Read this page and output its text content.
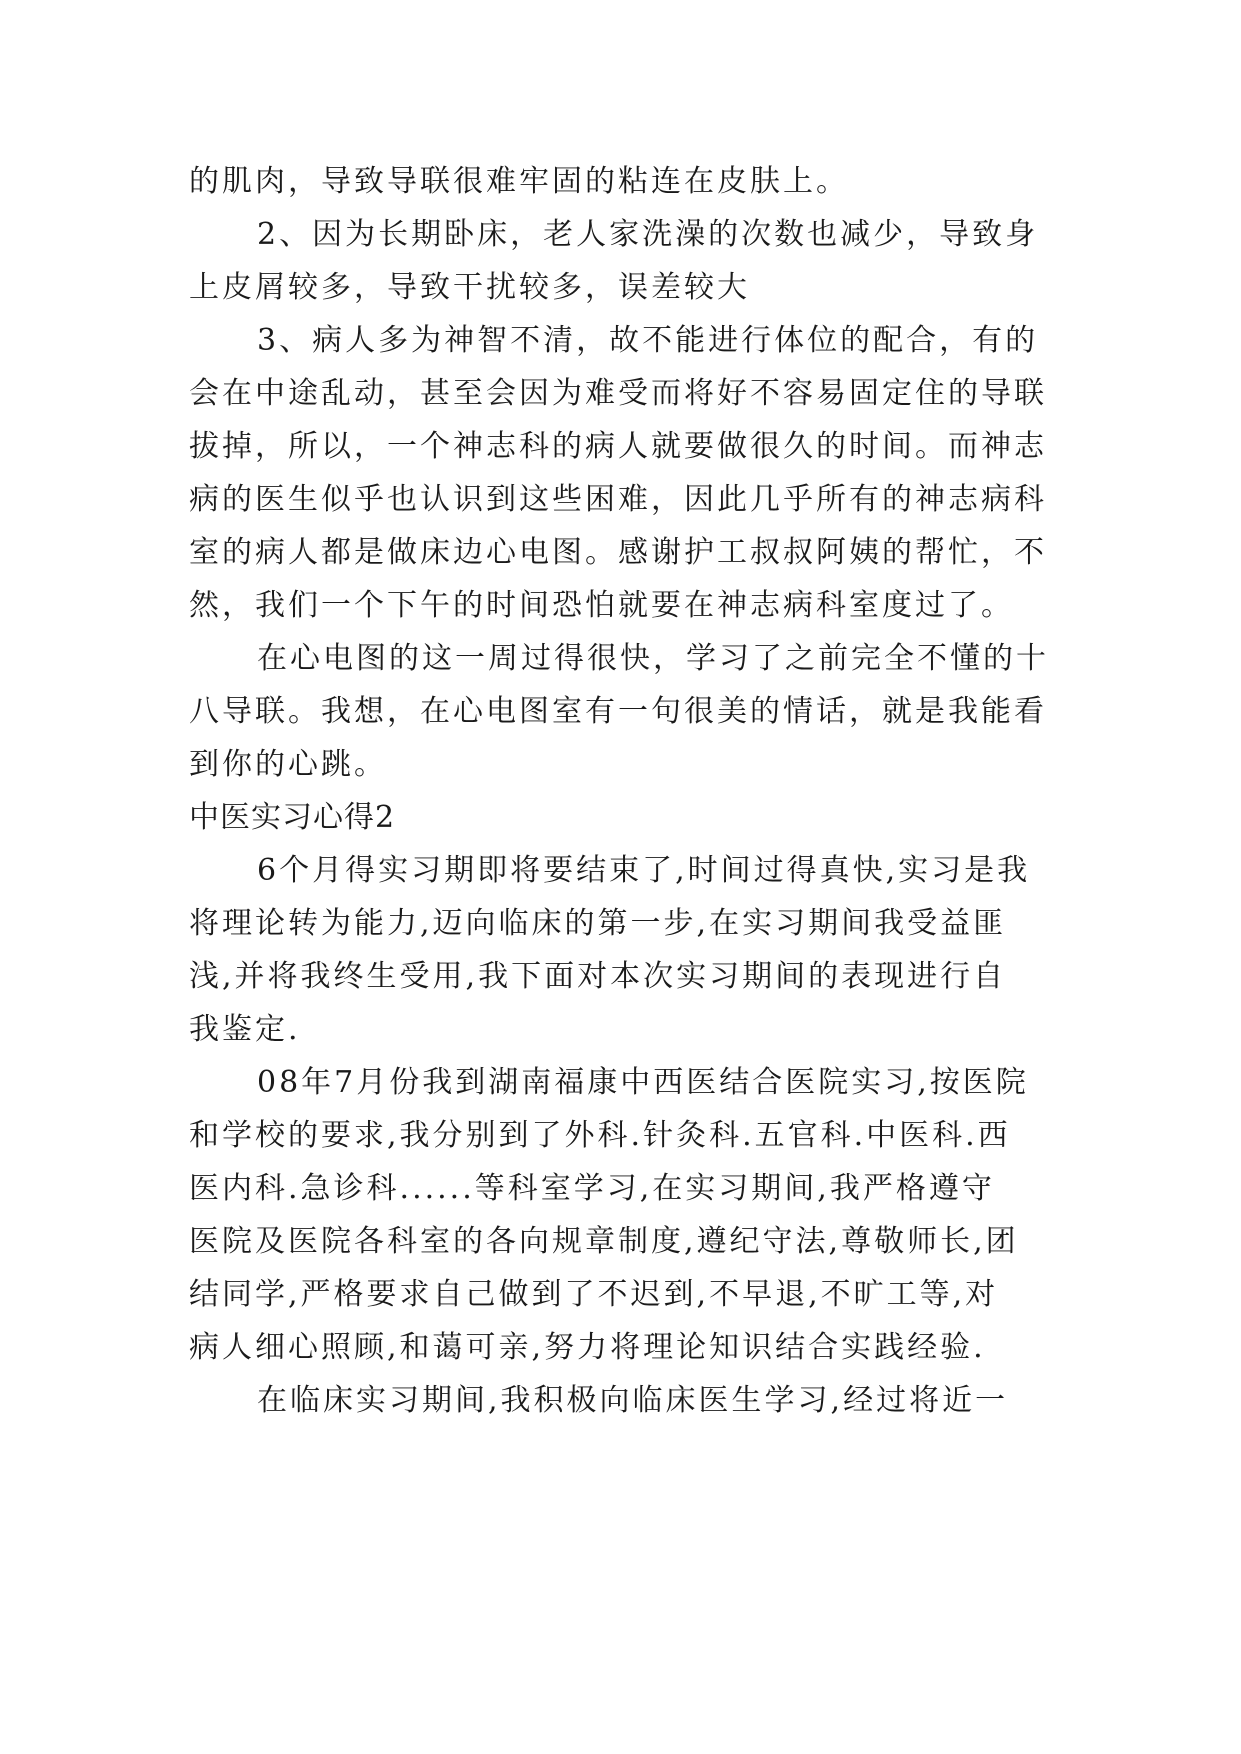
的肌肉，导致导联很难牢固的粘连在皮肤上。
2、因为长期卧床，老人家洗澡的次数也减少，导致身
上皮屑较多，导致干扰较多，误差较大
3、病人多为神智不清，故不能进行体位的配合，有的
会在中途乱动，甚至会因为难受而将好不容易固定住的导联
拔掉，所以，一个神志科的病人就要做很久的时间。而神志
病的医生似乎也认识到这些困难，因此几乎所有的神志病科
室的病人都是做床边心电图。感谢护工叔叔阿姨的帮忙，不
然，我们一个下午的时间恐怕就要在神志病科室度过了。
在心电图的这一周过得很快，学习了之前完全不懂的十
八导联。我想，在心电图室有一句很美的情话，就是我能看
到你的心跳。
中医实习心得2
6个月得实习期即将要结束了,时间过得真快,实习是我
将理论转为能力,迈向临床的第一步,在实习期间我受益匪
浅,并将我终生受用,我下面对本次实习期间的表现进行自
我鉴定.
08年7月份我到湖南福康中西医结合医院实习,按医院
和学校的要求,我分别到了外科.针灸科.五官科.中医科.西
医内科.急诊科......等科室学习,在实习期间,我严格遵守
医院及医院各科室的各向规章制度,遵纪守法,尊敬师长,团
结同学,严格要求自己做到了不迟到,不早退,不旷工等,对
病人细心照顾,和蔼可亲,努力将理论知识结合实践经验.
在临床实习期间,我积极向临床医生学习,经过将近一
